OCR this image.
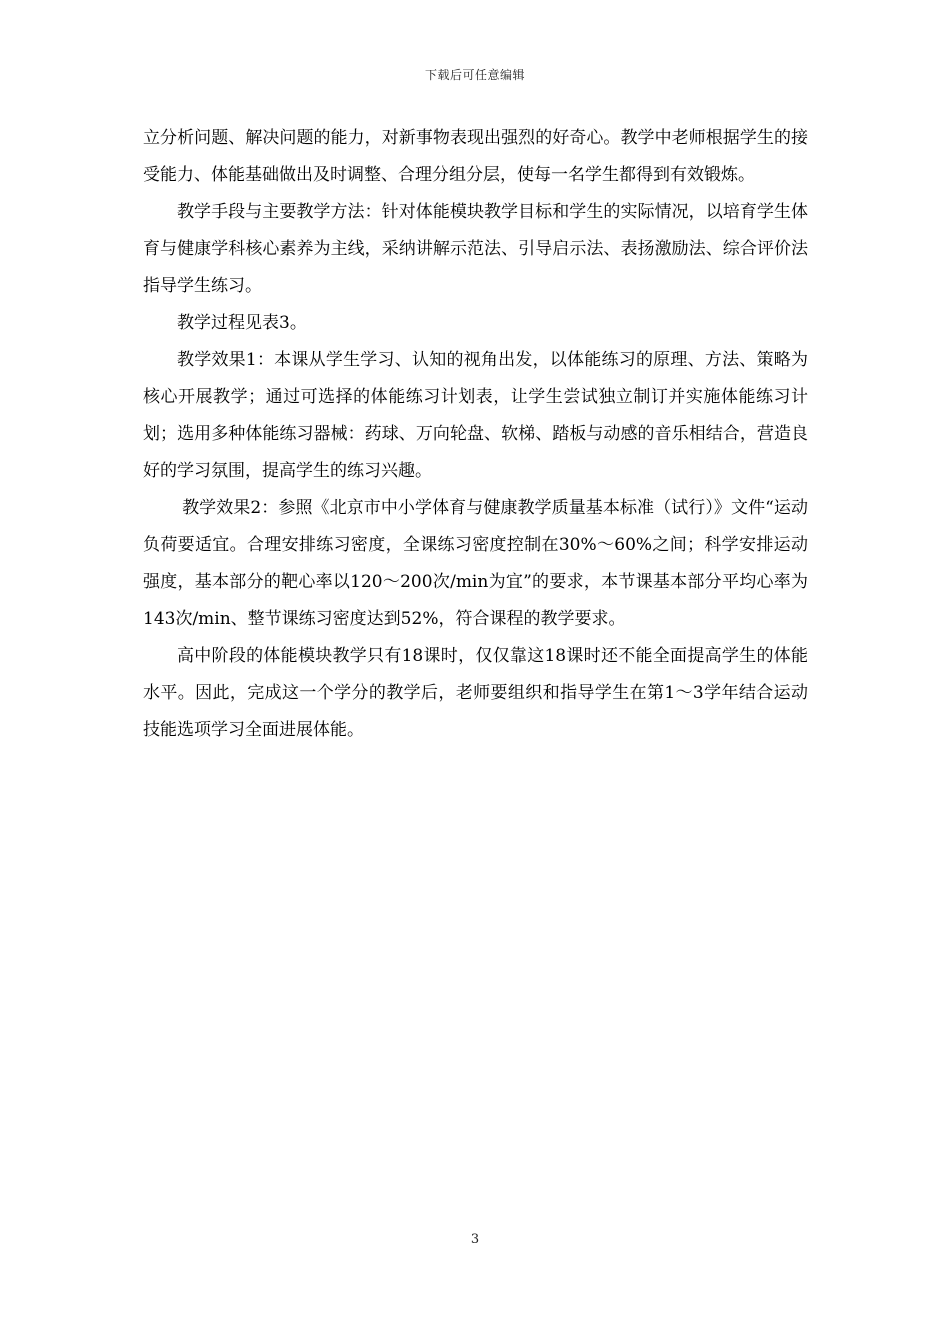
下载后可任意编辑

立分析问题、解决问题的能力，对新事物表现出强烈的好奇心。教学中老师根据学生的接受能力、体能基础做出及时调整、合理分组分层，使每一名学生都得到有效锻炼。

教学手段与主要教学方法：针对体能模块教学目标和学生的实际情况，以培育学生体育与健康学科核心素养为主线，采纳讲解示范法、引导启示法、表扬激励法、综合评价法指导学生练习。

教学过程见表3。

教学效果1：本课从学生学习、认知的视角出发，以体能练习的原理、方法、策略为核心开展教学；通过可选择的体能练习计划表，让学生尝试独立制订并实施体能练习计划；选用多种体能练习器械：药球、万向轮盘、软梯、踏板与动感的音乐相结合，营造良好的学习氛围，提高学生的练习兴趣。

教学效果2：参照《北京市中小学体育与健康教学质量基本标准（试行）》文件“运动负荷要适宜。合理安排练习密度，全课练习密度控制在30%～60%之间；科学安排运动强度，基本部分的靶心率以120～200次/min为宜”的要求，本节课基本部分平均心率为143次/min、整节课练习密度达到52%，符合课程的教学要求。

高中阶段的体能模块教学只有18课时，仅仅靠这18课时还不能全面提高学生的体能水平。因此，完成这一个学分的教学后，老师要组织和指导学生在第1～3学年结合运动技能选项学习全面进展体能。

3
